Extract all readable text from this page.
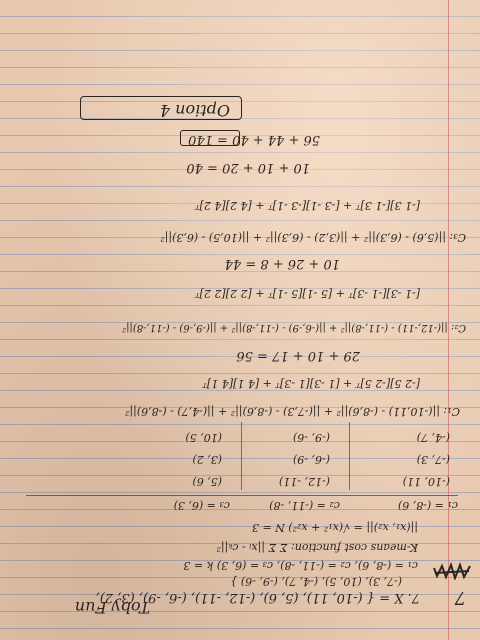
Toby Fun	7
7. X = { (-10, 11), (5, 6), (-12, -11), (-6, -9), (3, 2),
(-7, 3), (10, 5), (-4, 7), (-9, -6) }
c₁ = (-8, 6), c₂ = (-11, -8), c₃ = (6, 3) k = 3
K-means cost function: Σ Σ ||xᵢ - cₖ||²
||(x₁, x₂)|| = √(x₁² + x₂²) N = 3
c₁ = (-8, 6)
c₂ = (-11, -8)
c₃ = (6, 3)
(-10, 11)
(-12, -11)
(5, 6)
(-7, 3)
(-6, -9)
(3, 2)
(-4, 7)
(-9, -6)
(10, 5)
C₁: ||(-10,11) - (-8,6)||² + ||(-7,3) - (-8,6)||² + ||(-4,7) - (-8,6)||²
[-2 5][-2 5]ᵀ + [1 -3][1 -3]ᵀ + [4 1][4 1]ᵀ
29 + 10 + 17 = 56
C₂: ||(-12,-11) - (-11,-8)||² + ||(-6,-9) - (-11,-8)||² + ||(-9,-6) - (-11,-8)||²
[-1 -3][-1 -3]ᵀ + [5 -1][5 -1]ᵀ + [2 2][2 2]ᵀ
10 + 26 + 8 = 44
C₃: ||(5,6) - (6,3)||² + ||(3,2) - (6,3)||² + ||(10,5) - (6,3)||²
[-1 3][-1 3]ᵀ + [-3 -1][-3 -1]ᵀ + [4 2][4 2]ᵀ
10 + 10 + 20 = 40
56 + 44 + 40 = 140
Option 4
